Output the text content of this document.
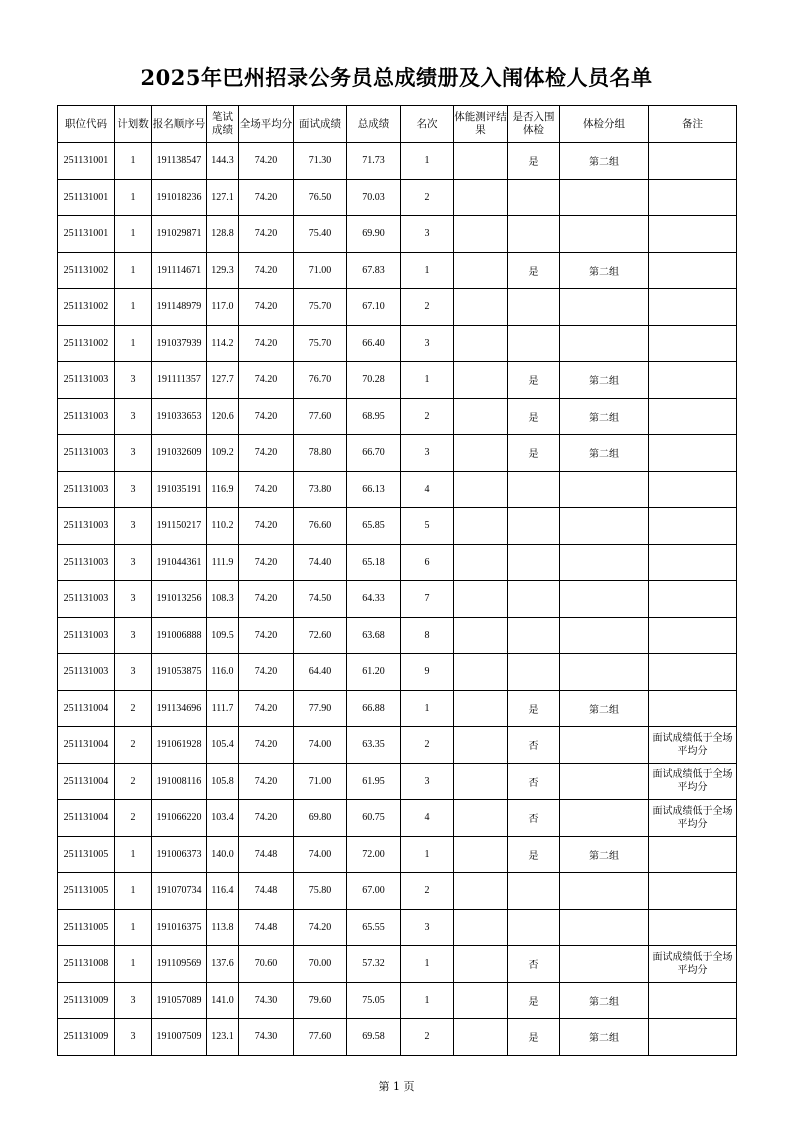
2025年巴州招录公务员总成绩册及入闱体检人员名单
职位代码	计划数	报名顺序号	笔试成绩	全场平均分	面试成绩	总成绩	名次	体能测评结果	是否入围体检	体检分组	备注
251131001	1	191138547	144.3	74.20	71.30	71.73	1		是	第二组	
251131001	1	191018236	127.1	74.20	76.50	70.03	2				
251131001	1	191029871	128.8	74.20	75.40	69.90	3				
251131002	1	191114671	129.3	74.20	71.00	67.83	1		是	第二组	
251131002	1	191148979	117.0	74.20	75.70	67.10	2				
251131002	1	191037939	114.2	74.20	75.70	66.40	3				
251131003	3	191111357	127.7	74.20	76.70	70.28	1		是	第二组	
251131003	3	191033653	120.6	74.20	77.60	68.95	2		是	第二组	
251131003	3	191032609	109.2	74.20	78.80	66.70	3		是	第二组	
251131003	3	191035191	116.9	74.20	73.80	66.13	4				
251131003	3	191150217	110.2	74.20	76.60	65.85	5				
251131003	3	191044361	111.9	74.20	74.40	65.18	6				
251131003	3	191013256	108.3	74.20	74.50	64.33	7				
251131003	3	191006888	109.5	74.20	72.60	63.68	8				
251131003	3	191053875	116.0	74.20	64.40	61.20	9				
251131004	2	191134696	111.7	74.20	77.90	66.88	1		是	第二组	
251131004	2	191061928	105.4	74.20	74.00	63.35	2		否		面试成绩低于全场平均分
251131004	2	191008116	105.8	74.20	71.00	61.95	3		否		面试成绩低于全场平均分
251131004	2	191066220	103.4	74.20	69.80	60.75	4		否		面试成绩低于全场平均分
251131005	1	191006373	140.0	74.48	74.00	72.00	1		是	第二组	
251131005	1	191070734	116.4	74.48	75.80	67.00	2				
251131005	1	191016375	113.8	74.48	74.20	65.55	3				
251131008	1	191109569	137.6	70.60	70.00	57.32	1		否		面试成绩低于全场平均分
251131009	3	191057089	141.0	74.30	79.60	75.05	1		是	第二组	
251131009	3	191007509	123.1	74.30	77.60	69.58	2		是	第二组	
第 1 页
